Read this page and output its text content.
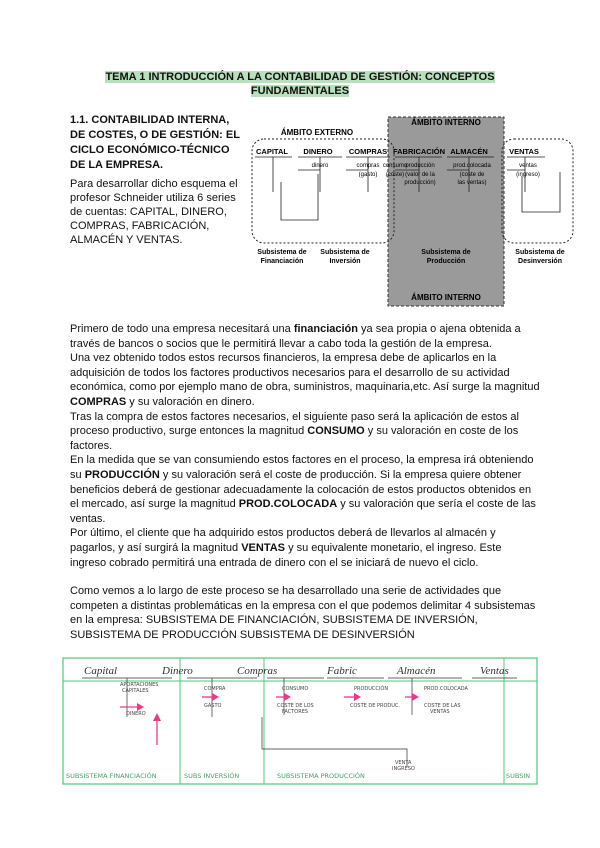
TEMA 1 INTRODUCCIÓN A LA CONTABILIDAD DE GESTIÓN: CONCEPTOS FUNDAMENTALES

1.1. CONTABILIDAD INTERNA, DE COSTES, O DE GESTIÓN: EL CICLO ECONÓMICO-TÉCNICO DE LA EMPRESA.

Para desarrollar dicho esquema el profesor Schneider utiliza 6 series de cuentas: CAPITAL, DINERO, COMPRAS, FABRICACIÓN, ALMACÉN Y VENTAS.
ÁMBITO EXTERNO
ÁMBITO INTERNO
ÁMBITO INTERNO
CAPITAL DINERO COMPRAS FABRICACIÓN ALMACÉN	VENTAS
dinero	compras
(gasto)
consumo
(coste)
producción
(valor de la
producción)
prod.colocada
(coste de
las ventas)
ventas
(ingreso)
Subsistema de
Financiación
Subsistema de
Inversión
Subsistema de
Producción
Subsistema de
Desinversión

Primero de todo una empresa necesitará una financiación ya sea propia o ajena obtenida a través de bancos o socios que le permitirá llevar a cabo toda la gestión de la empresa.

Una vez obtenido todos estos recursos financieros, la empresa debe de aplicarlos en la adquisición de todos los factores productivos necesarios para el desarrollo de su actividad económica, como por ejemplo mano de obra, suministros, maquinaria,etc. Así surge la magnitud COMPRAS y su valoración en dinero.

Tras la compra de estos factores necesarios, el siguiente paso será la aplicación de estos al proceso productivo, surge entonces la magnitud CONSUMO y su valoración en coste de los factores.

En la medida que se van consumiendo estos factores en el proceso, la empresa irá obteniendo su PRODUCCIÓN y su valoración será el coste de producción. Si la empresa quiere obtener beneficios deberá de gestionar adecuadamente la colocación de estos productos obtenidos en el mercado, así surge la magnitud PROD.COLOCADA y su valoración que sería el coste de las ventas.

Por último, el cliente que ha adquirido estos productos deberá de llevarlos al almacén y pagarlos, y así surgirá la magnitud VENTAS y su equivalente monetario, el ingreso. Este ingreso cobrado permitirá una entrada de dinero con el se iniciará de nuevo el ciclo.

Como vemos a lo largo de este proceso se ha desarrollado una serie de actividades que competen a distintas problemáticas en la empresa con el que podemos delimitar 4 subsistemas en la empresa: SUBSISTEMA DE FINANCIACIÓN, SUBSISTEMA DE INVERSIÓN, SUBSISTEMA DE PRODUCCIÓN SUBSISTEMA DE DESINVERSIÓN

Capital	Dinero	Compras	Fabric	Almacén	Ventas
APORTACIONES
CAPITALES
DINERO
COMPRA
GASTO
CONSUMO
COSTE DE LOS
FACTORES
PRODUCCIÓN
COSTE DE PRODUC.
PROD.COLOCADA
COSTE DE LAS
VENTAS
VENTA
INGRESO
SUBSISTEMA FINANCIACIÓN	SUBS INVERSIÓN	SUBSISTEMA PRODUCCIÓN	SUBSIN
